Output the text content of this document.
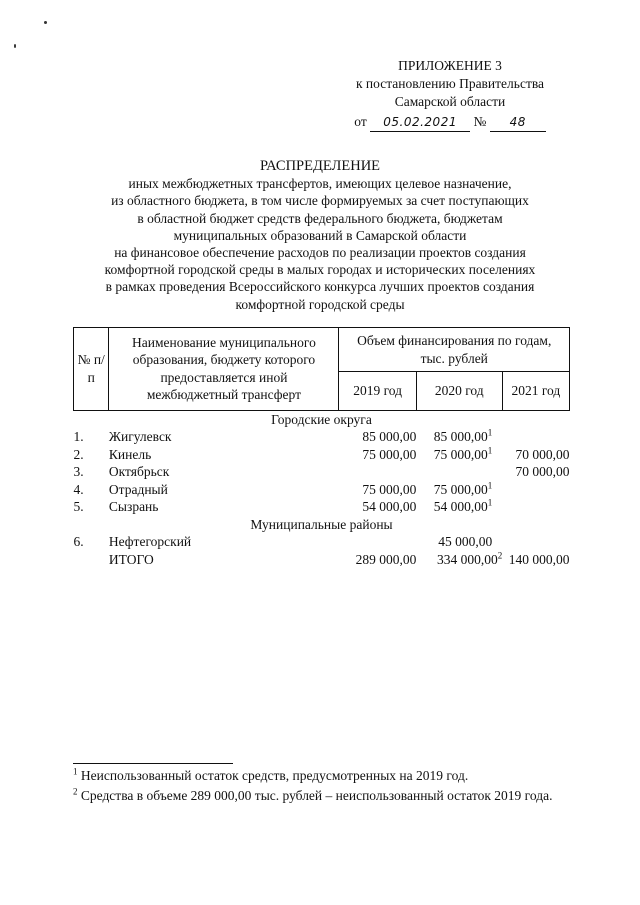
ПРИЛОЖЕНИЕ 3
к постановлению Правительства
Самарской области
от 05.02.2021 № 48
РАСПРЕДЕЛЕНИЕ
иных межбюджетных трансфертов, имеющих целевое назначение,
из областного бюджета, в том числе формируемых за счет поступающих
в областной бюджет средств федерального бюджета, бюджетам
муниципальных образований в Самарской области
на финансовое обеспечение расходов по реализации проектов создания
комфортной городской среды в малых городах и исторических поселениях
в рамках проведения Всероссийского конкурса лучших проектов создания
комфортной городской среды
№ п/п	Наименование муниципального образования, бюджету которого предоставляется иной межбюджетный трансферт	Объем финансирования по годам, тыс. рублей		
		2019 год	2020 год	2021 год
Городские округа				
1.	Жигулевск	85 000,00	85 000,00$^1$	
2.	Кинель	75 000,00	75 000,00$^1$	70 000,00
3.	Октябрьск			70 000,00
4.	Отрадный	75 000,00	75 000,00$^1$	
5.	Сызрань	54 000,00	54 000,00$^1$	
Муниципальные районы				
6.	Нефтегорский		45 000,00	
	ИТОГО	289 000,00	334 000,00$^2$	140 000,00
$^1$ Неиспользованный остаток средств, предусмотренных на 2019 год.
$^2$ Средства в объеме 289 000,00 тыс. рублей – неиспользованный остаток 2019 года.
